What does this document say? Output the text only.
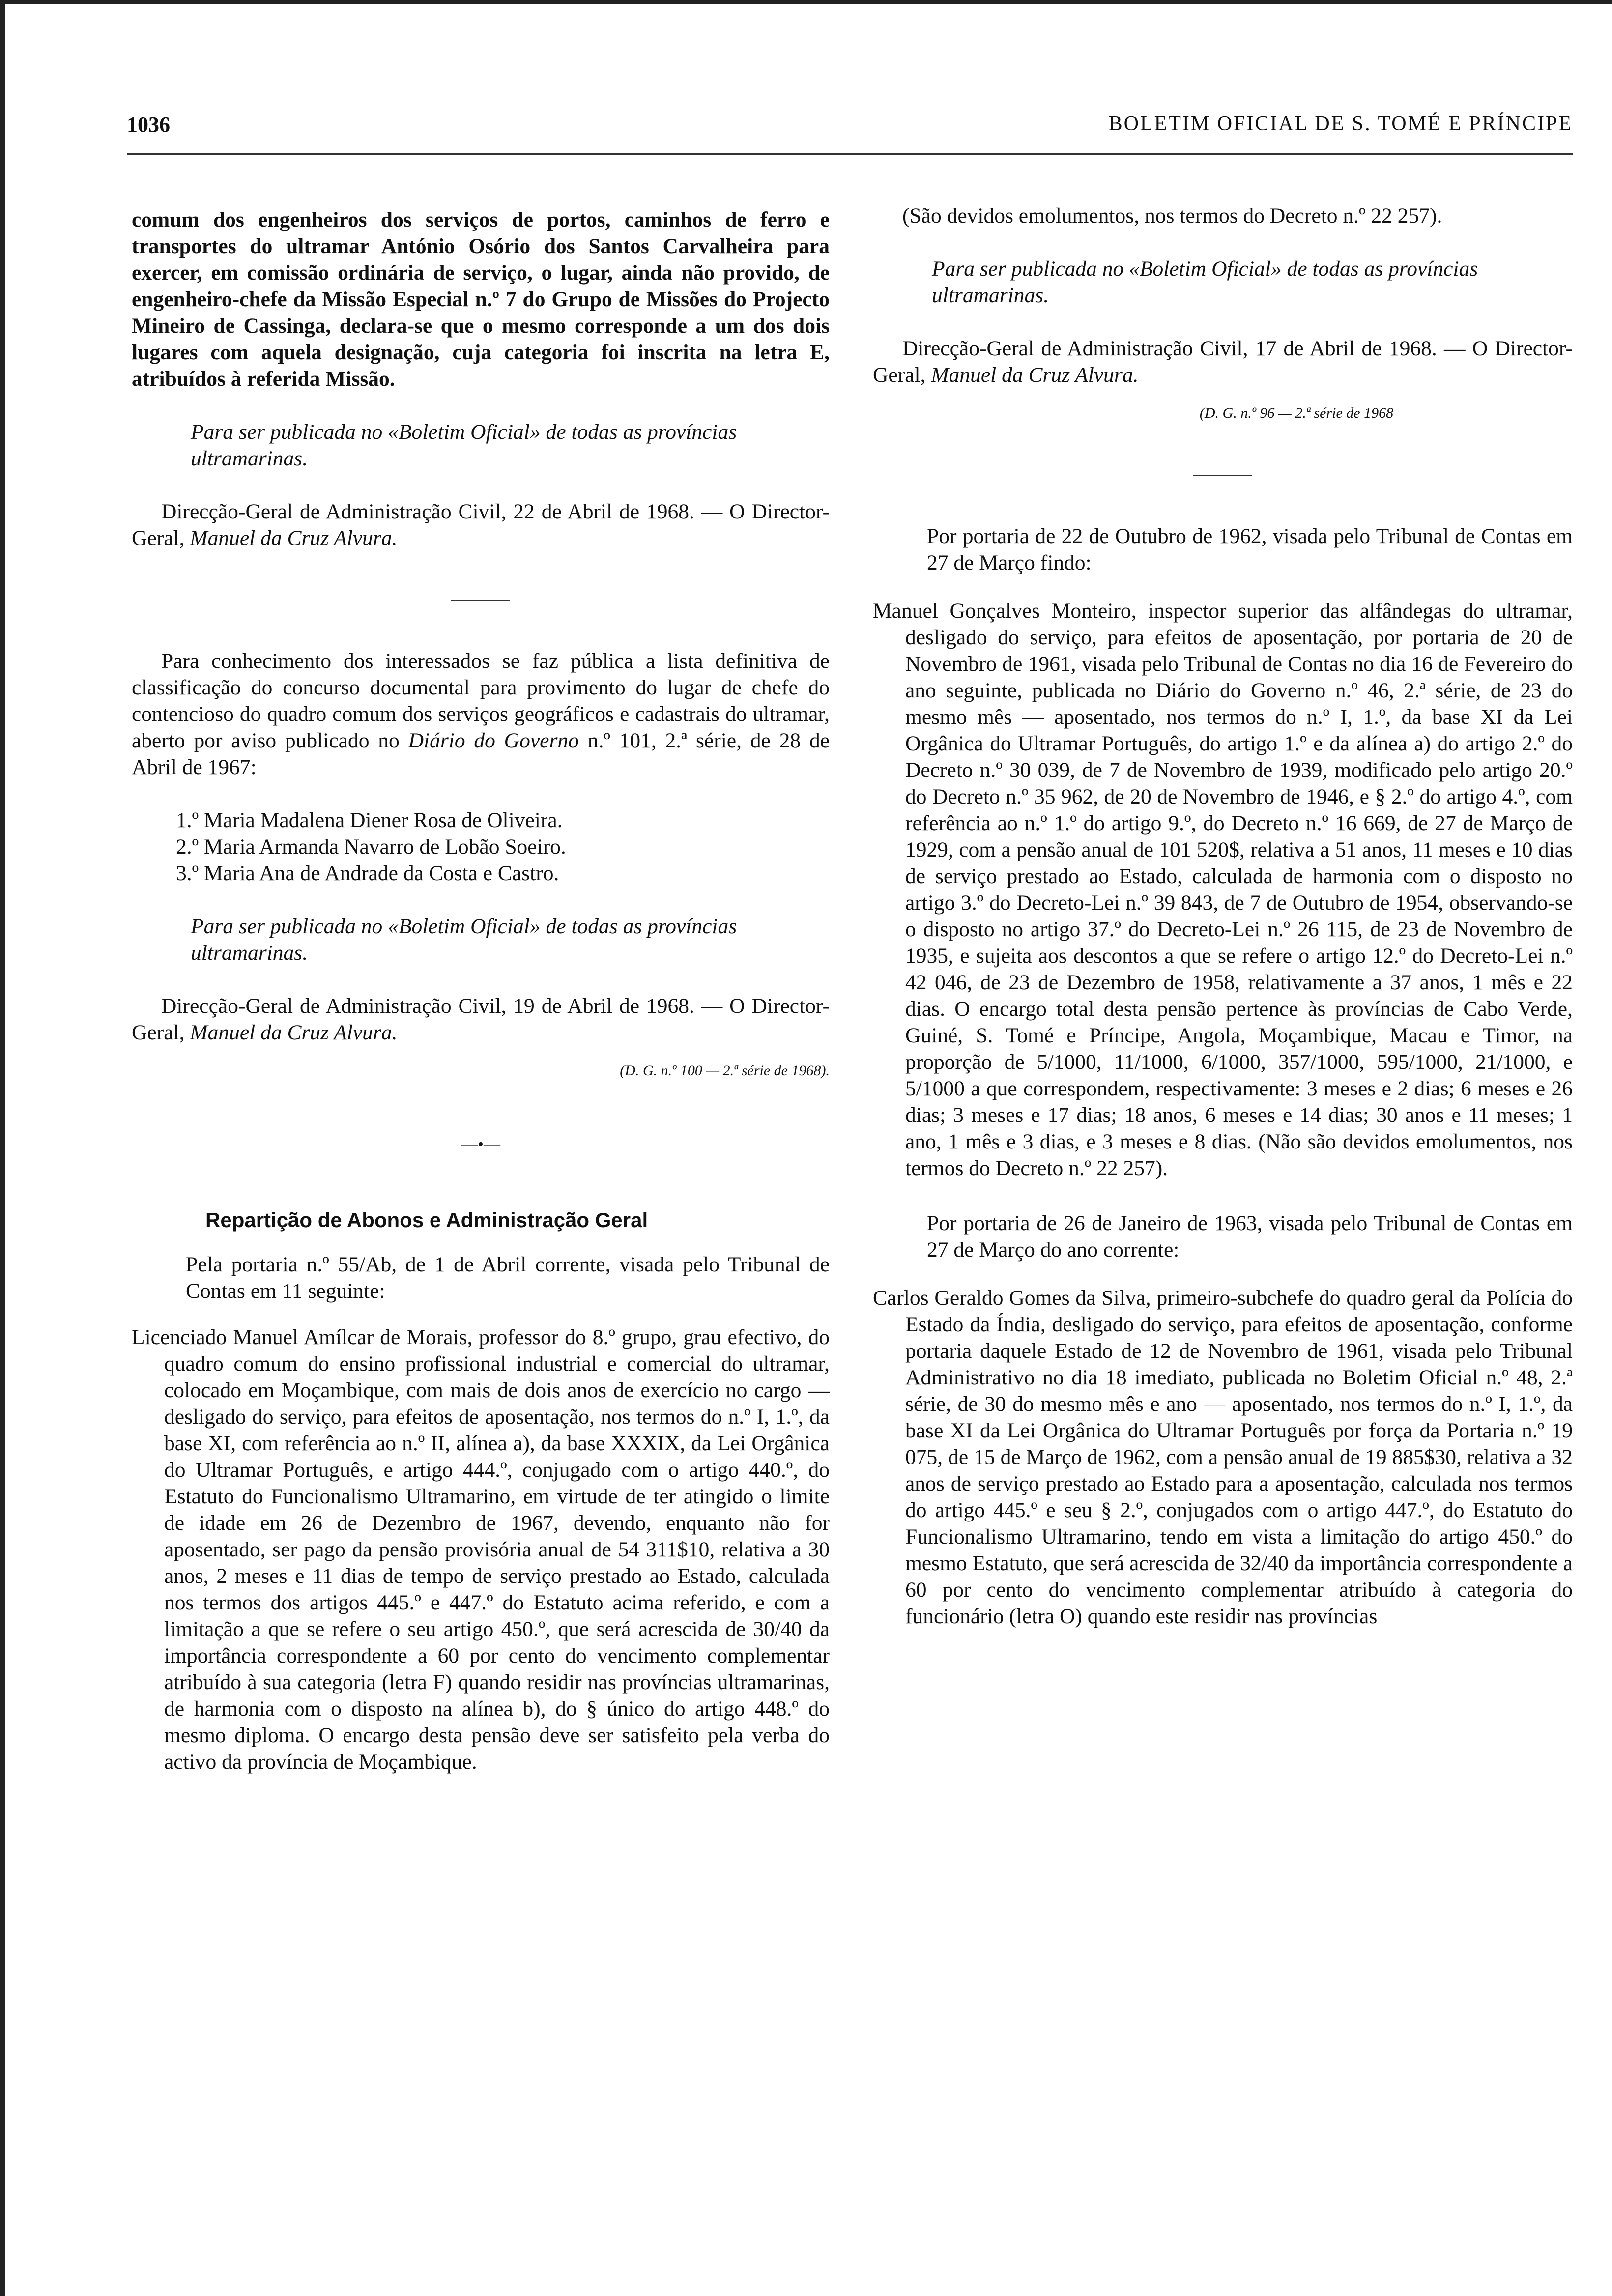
1036	BOLETIM OFICIAL DE S. TOMÉ E PRÍNCIPE

comum dos engenheiros dos serviços de portos, caminhos de ferro e transportes do ultramar António Osório dos Santos Carvalheira para exercer, em comissão ordinária de serviço, o lugar, ainda não provido, de engenheiro-chefe da Missão Especial n.º 7 do Grupo de Missões do Projecto Mineiro de Cassinga, declara-se que o mesmo corresponde a um dos dois lugares com aquela designação, cuja categoria foi inscrita na letra E, atribuídos à referida Missão.

Para ser publicada no «Boletim Oficial» de todas as províncias ultramarinas.

Direcção-Geral de Administração Civil, 22 de Abril de 1968. — O Director-Geral, Manuel da Cruz Alvura.

Para conhecimento dos interessados se faz pública a lista definitiva de classificação do concurso documental para provimento do lugar de chefe do contencioso do quadro comum dos serviços geográficos e cadastrais do ultramar, aberto por aviso publicado no Diário do Governo n.º 101, 2.ª série, de 28 de Abril de 1967:

1.º Maria Madalena Diener Rosa de Oliveira.

2.º Maria Armanda Navarro de Lobão Soeiro.

3.º Maria Ana de Andrade da Costa e Castro.

Para ser publicada no «Boletim Oficial» de todas as províncias ultramarinas.

Direcção-Geral de Administração Civil, 19 de Abril de 1968. — O Director-Geral, Manuel da Cruz Alvura.

(D. G. n.º 100 — 2.ª série de 1968).

—•—

Repartição de Abonos e Administração Geral

Pela portaria n.º 55/Ab, de 1 de Abril corrente, visada pelo Tribunal de Contas em 11 seguinte:

Licenciado Manuel Amílcar de Morais, professor do 8.º grupo, grau efectivo, do quadro comum do ensino profissional industrial e comercial do ultramar, colocado em Moçambique, com mais de dois anos de exercício no cargo — desligado do serviço, para efeitos de aposentação, nos termos do n.º I, 1.º, da base XI, com referência ao n.º II, alínea a), da base XXXIX, da Lei Orgânica do Ultramar Português, e artigo 444.º, conjugado com o artigo 440.º, do Estatuto do Funcionalismo Ultramarino, em virtude de ter atingido o limite de idade em 26 de Dezembro de 1967, devendo, enquanto não for aposentado, ser pago da pensão provisória anual de 54 311$10, relativa a 30 anos, 2 meses e 11 dias de tempo de serviço prestado ao Estado, calculada nos termos dos artigos 445.º e 447.º do Estatuto acima referido, e com a limitação a que se refere o seu artigo 450.º, que será acrescida de 30/40 da importância correspondente a 60 por cento do vencimento complementar atribuído à sua categoria (letra F) quando residir nas províncias ultramarinas, de harmonia com o disposto na alínea b), do § único do artigo 448.º do mesmo diploma. O encargo desta pensão deve ser satisfeito pela verba do activo da província de Moçambique.

(São devidos emolumentos, nos termos do Decreto n.º 22 257).

Para ser publicada no «Boletim Oficial» de todas as províncias ultramarinas.

Direcção-Geral de Administração Civil, 17 de Abril de 1968. — O Director-Geral, Manuel da Cruz Alvura.

(D. G. n.º 96 — 2.ª série de 1968

Por portaria de 22 de Outubro de 1962, visada pelo Tribunal de Contas em 27 de Março findo:

Manuel Gonçalves Monteiro, inspector superior das alfândegas do ultramar, desligado do serviço, para efeitos de aposentação, por portaria de 20 de Novembro de 1961, visada pelo Tribunal de Contas no dia 16 de Fevereiro do ano seguinte, publicada no Diário do Governo n.º 46, 2.ª série, de 23 do mesmo mês — aposentado, nos termos do n.º I, 1.º, da base XI da Lei Orgânica do Ultramar Português, do artigo 1.º e da alínea a) do artigo 2.º do Decreto n.º 30 039, de 7 de Novembro de 1939, modificado pelo artigo 20.º do Decreto n.º 35 962, de 20 de Novembro de 1946, e § 2.º do artigo 4.º, com referência ao n.º 1.º do artigo 9.º, do Decreto n.º 16 669, de 27 de Março de 1929, com a pensão anual de 101 520$, relativa a 51 anos, 11 meses e 10 dias de serviço prestado ao Estado, calculada de harmonia com o disposto no artigo 3.º do Decreto-Lei n.º 39 843, de 7 de Outubro de 1954, observando-se o disposto no artigo 37.º do Decreto-Lei n.º 26 115, de 23 de Novembro de 1935, e sujeita aos descontos a que se refere o artigo 12.º do Decreto-Lei n.º 42 046, de 23 de Dezembro de 1958, relativamente a 37 anos, 1 mês e 22 dias. O encargo total desta pensão pertence às províncias de Cabo Verde, Guiné, S. Tomé e Príncipe, Angola, Moçambique, Macau e Timor, na proporção de 5/1000, 11/1000, 6/1000, 357/1000, 595/1000, 21/1000, e 5/1000 a que correspondem, respectivamente: 3 meses e 2 dias; 6 meses e 26 dias; 3 meses e 17 dias; 18 anos, 6 meses e 14 dias; 30 anos e 11 meses; 1 ano, 1 mês e 3 dias, e 3 meses e 8 dias. (Não são devidos emolumentos, nos termos do Decreto n.º 22 257).

Por portaria de 26 de Janeiro de 1963, visada pelo Tribunal de Contas em 27 de Março do ano corrente:

Carlos Geraldo Gomes da Silva, primeiro-subchefe do quadro geral da Polícia do Estado da Índia, desligado do serviço, para efeitos de aposentação, conforme portaria daquele Estado de 12 de Novembro de 1961, visada pelo Tribunal Administrativo no dia 18 imediato, publicada no Boletim Oficial n.º 48, 2.ª série, de 30 do mesmo mês e ano — aposentado, nos termos do n.º I, 1.º, da base XI da Lei Orgânica do Ultramar Português por força da Portaria n.º 19 075, de 15 de Março de 1962, com a pensão anual de 19 885$30, relativa a 32 anos de serviço prestado ao Estado para a aposentação, calculada nos termos do artigo 445.º e seu § 2.º, conjugados com o artigo 447.º, do Estatuto do Funcionalismo Ultramarino, tendo em vista a limitação do artigo 450.º do mesmo Estatuto, que será acrescida de 32/40 da importância correspondente a 60 por cento do vencimento complementar atribuído à categoria do funcionário (letra O) quando este residir nas províncias
